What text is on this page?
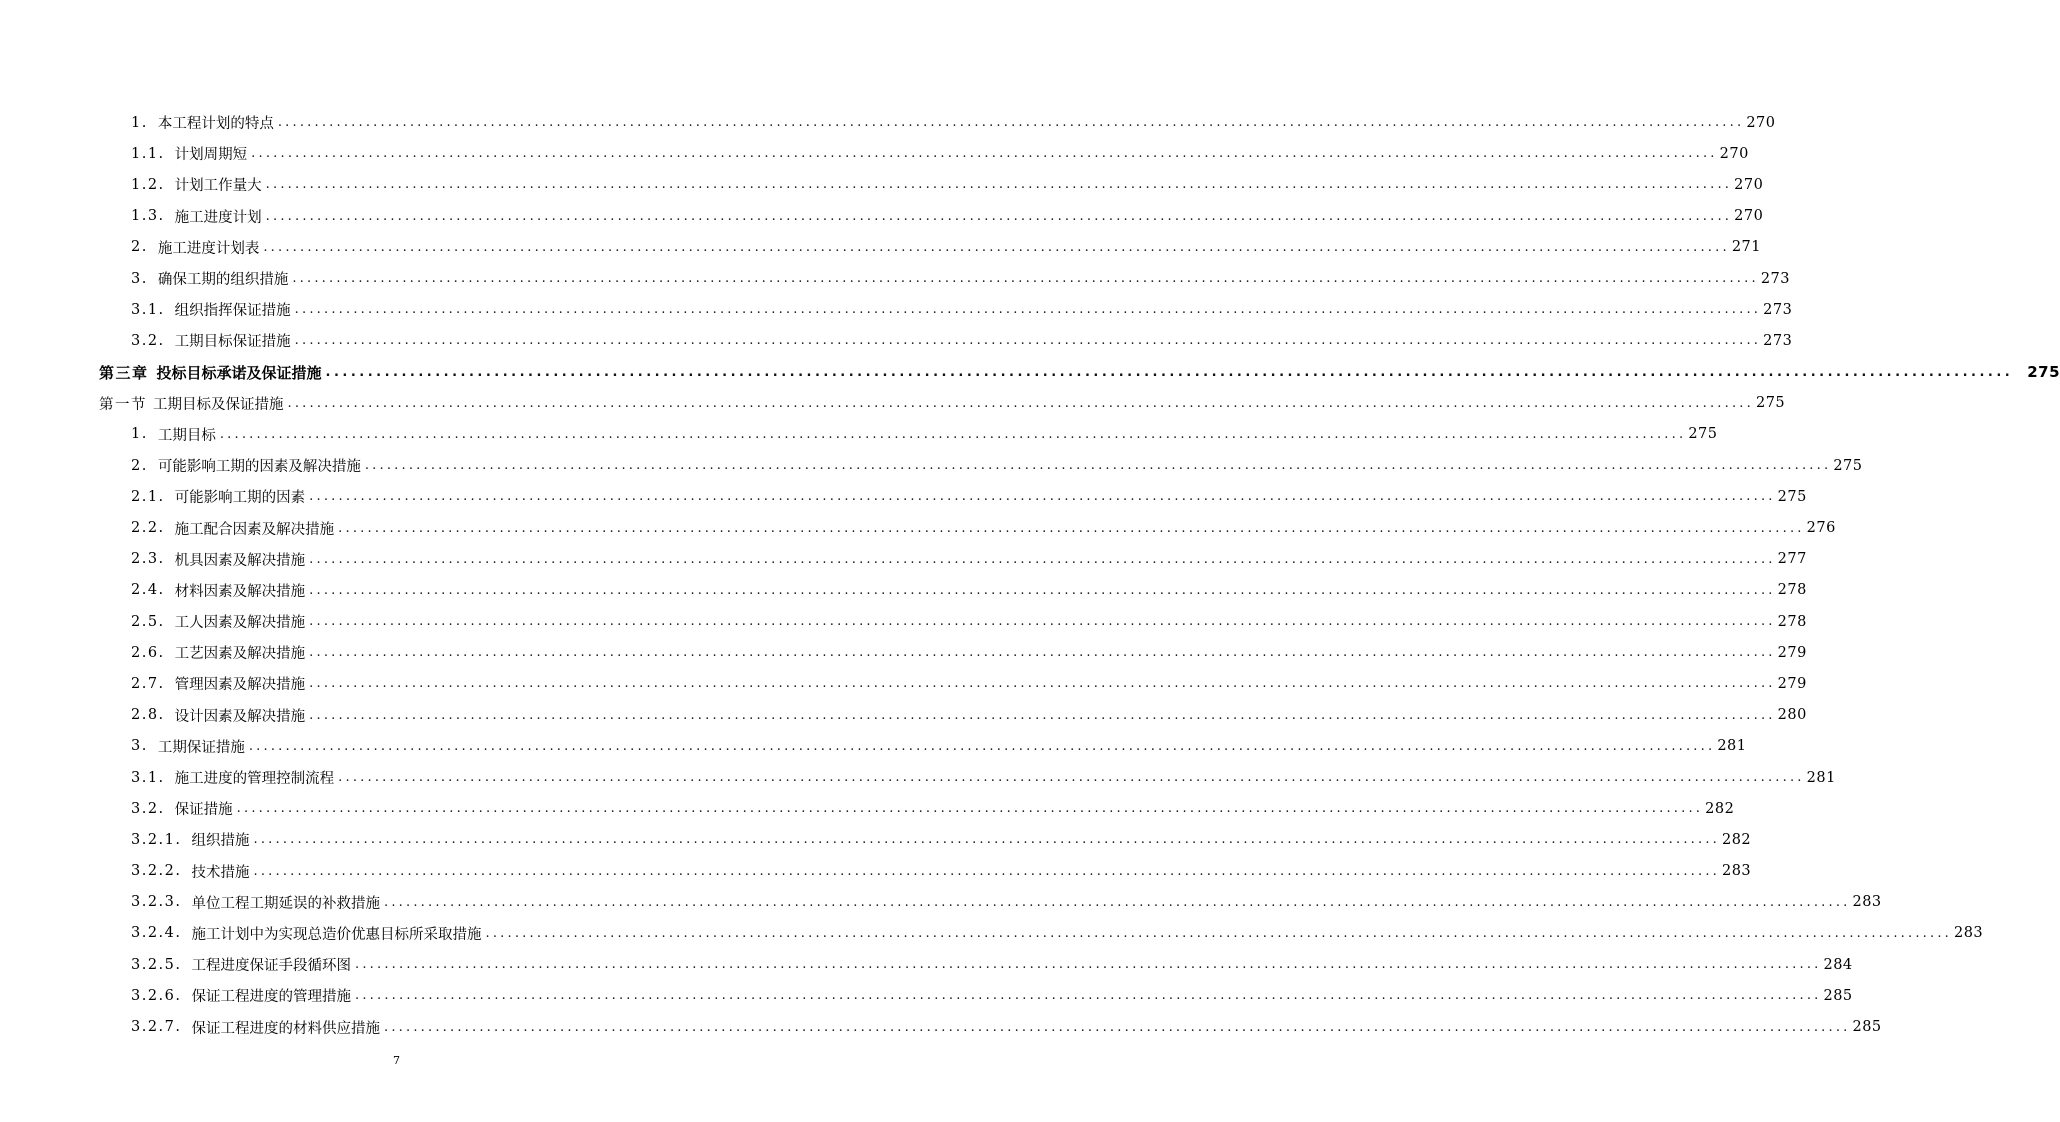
1. 本工程计划的特点 ........................................................................................................................................................................................................ 270
1.1. 计划周期短 ........................................................................................................................................................................................................ 270
1.2. 计划工作量大 ........................................................................................................................................................................................................ 270
1.3. 施工进度计划 ........................................................................................................................................................................................................ 270
2. 施工进度计划表 ........................................................................................................................................................................................................ 271
3. 确保工期的组织措施 ........................................................................................................................................................................................................ 273
3.1. 组织指挥保证措施 ........................................................................................................................................................................................................ 273
3.2. 工期目标保证措施 ........................................................................................................................................................................................................ 273
第三章 投标目标承诺及保证措施 ........................................................................................................................................................................................................ 275
第一节 工期目标及保证措施 ........................................................................................................................................................................................................ 275
1. 工期目标 ........................................................................................................................................................................................................ 275
2. 可能影响工期的因素及解决措施 ........................................................................................................................................................................................................ 275
2.1. 可能影响工期的因素 ........................................................................................................................................................................................................ 275
2.2. 施工配合因素及解决措施 ........................................................................................................................................................................................................ 276
2.3. 机具因素及解决措施 ........................................................................................................................................................................................................ 277
2.4. 材料因素及解决措施 ........................................................................................................................................................................................................ 278
2.5. 工人因素及解决措施 ........................................................................................................................................................................................................ 278
2.6. 工艺因素及解决措施 ........................................................................................................................................................................................................ 279
2.7. 管理因素及解决措施 ........................................................................................................................................................................................................ 279
2.8. 设计因素及解决措施 ........................................................................................................................................................................................................ 280
3. 工期保证措施 ........................................................................................................................................................................................................ 281
3.1. 施工进度的管理控制流程 ........................................................................................................................................................................................................ 281
3.2. 保证措施 ........................................................................................................................................................................................................ 282
3.2.1. 组织措施 ........................................................................................................................................................................................................ 282
3.2.2. 技术措施 ........................................................................................................................................................................................................ 283
3.2.3. 单位工程工期延误的补救措施 ........................................................................................................................................................................................................ 283
3.2.4. 施工计划中为实现总造价优惠目标所采取措施 ........................................................................................................................................................................................................ 283
3.2.5. 工程进度保证手段循环图 ........................................................................................................................................................................................................ 284
3.2.6. 保证工程进度的管理措施 ........................................................................................................................................................................................................ 285
3.2.7. 保证工程进度的材料供应措施 ........................................................................................................................................................................................................ 285
7
